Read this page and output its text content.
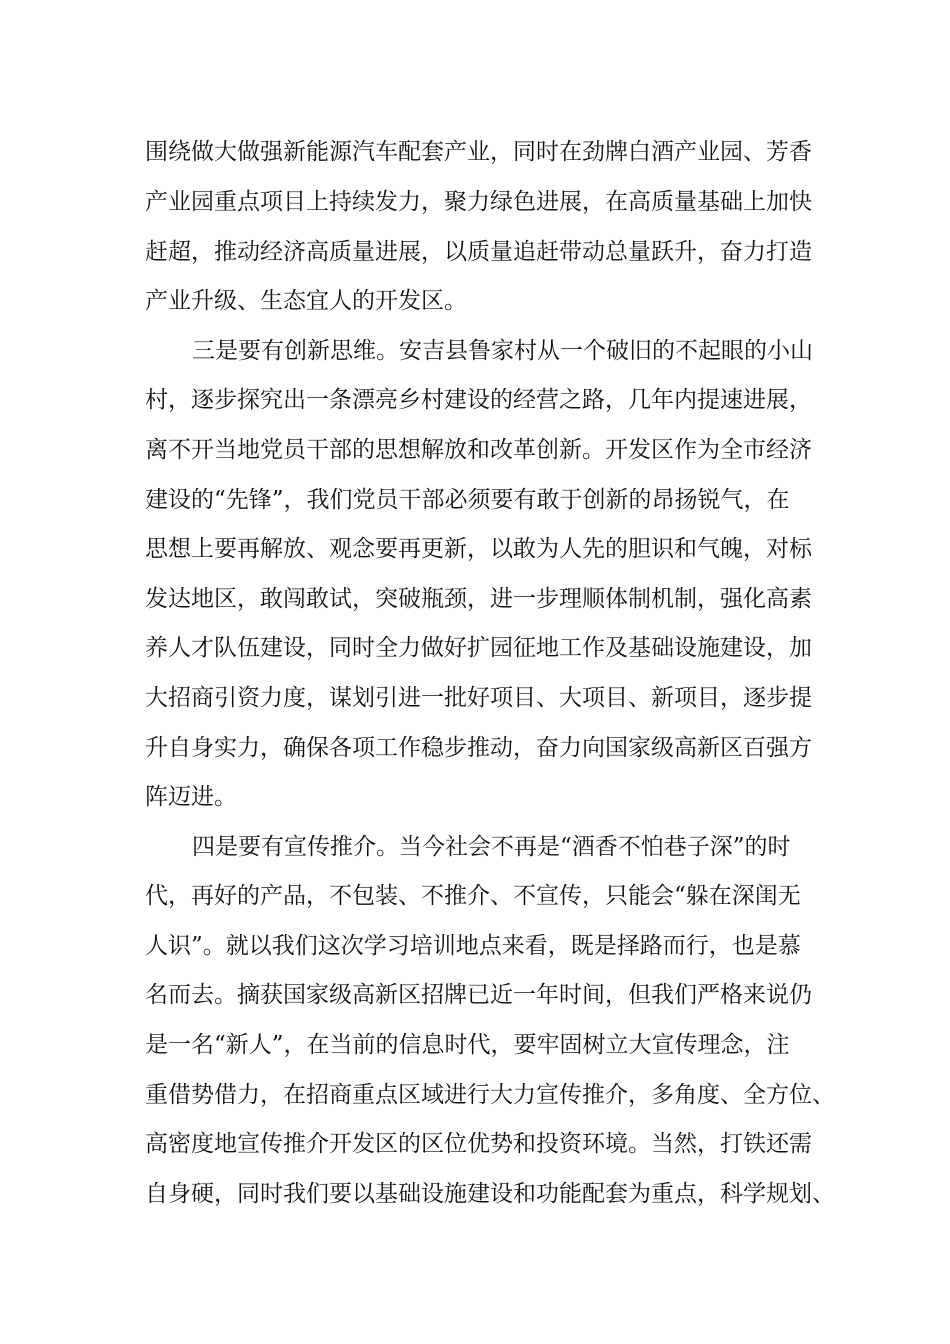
围绕做大做强新能源汽车配套产业，同时在劲牌白酒产业园、芳香
产业园重点项目上持续发力，聚力绿色进展，在高质量基础上加快
赶超，推动经济高质量进展，以质量追赶带动总量跃升，奋力打造
产业升级、生态宜人的开发区。
三是要有创新思维。安吉县鲁家村从一个破旧的不起眼的小山
村，逐步探究出一条漂亮乡村建设的经营之路，几年内提速进展，
离不开当地党员干部的思想解放和改革创新。开发区作为全市经济
建设的“先锋”，我们党员干部必须要有敢于创新的昂扬锐气，在
思想上要再解放、观念要再更新，以敢为人先的胆识和气魄，对标
发达地区，敢闯敢试，突破瓶颈，进一步理顺体制机制，强化高素
养人才队伍建设，同时全力做好扩园征地工作及基础设施建设，加
大招商引资力度，谋划引进一批好项目、大项目、新项目，逐步提
升自身实力，确保各项工作稳步推动，奋力向国家级高新区百强方
阵迈进。
四是要有宣传推介。当今社会不再是“酒香不怕巷子深”的时
代，再好的产品，不包装、不推介、不宣传，只能会“躲在深闺无
人识”。就以我们这次学习培训地点来看，既是择路而行，也是慕
名而去。摘获国家级高新区招牌已近一年时间，但我们严格来说仍
是一名“新人”，在当前的信息时代，要牢固树立大宣传理念，注
重借势借力，在招商重点区域进行大力宣传推介，多角度、全方位、
高密度地宣传推介开发区的区位优势和投资环境。当然，打铁还需
自身硬，同时我们要以基础设施建设和功能配套为重点，科学规划、
